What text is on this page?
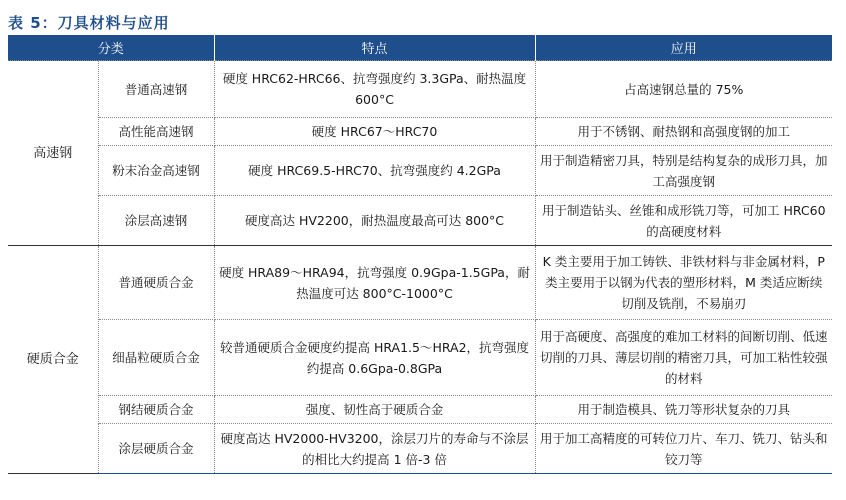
表 5：刀具材料与应用
分类		特点	应用
高速钢	普通高速钢	硬度 HRC62-HRC66、抗弯强度约 3.3GPa、耐热温度 600°C	占高速钢总量的 75%
	高性能高速钢	硬度 HRC67～HRC70	用于不锈钢、耐热钢和高强度钢的加工
	粉末冶金高速钢	硬度 HRC69.5-HRC70、抗弯强度约 4.2GPa	用于制造精密刀具，特别是结构复杂的成形刀具，加工高强度钢
	涂层高速钢	硬度高达 HV2200，耐热温度最高可达 800°C	用于制造钻头、丝锥和成形铣刀等，可加工 HRC60 的高硬度材料
硬质合金	普通硬质合金	硬度 HRA89～HRA94，抗弯强度 0.9Gpa-1.5GPa，耐热温度可达 800°C-1000°C	K 类主要用于加工铸铁、非铁材料与非金属材料，P 类主要用于以钢为代表的塑形材料，M 类适应断续切削及铣削，不易崩刃
	细晶粒硬质合金	较普通硬质合金硬度约提高 HRA1.5～HRA2，抗弯强度约提高 0.6Gpa-0.8GPa	用于高硬度、高强度的难加工材料的间断切削、低速切削的刀具、薄层切削的精密刀具，可加工粘性较强的材料
	钢结硬质合金	强度、韧性高于硬质合金	用于制造模具、铣刀等形状复杂的刀具
	涂层硬质合金	硬度高达 HV2000-HV3200，涂层刀片的寿命与不涂层的相比大约提高 1 倍-3 倍	用于加工高精度的可转位刀片、车刀、铣刀、钻头和铰刀等
